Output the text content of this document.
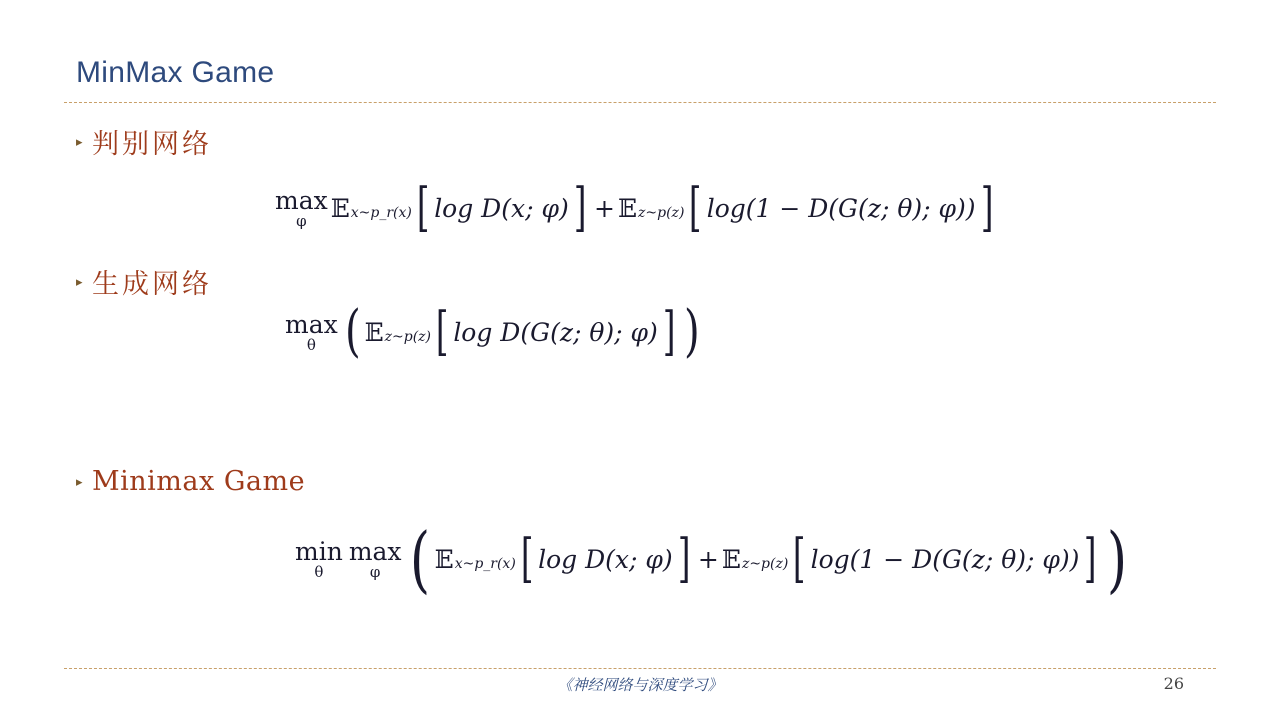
MinMax Game
▸ 判别网络
max
φ 𝔼 x~p_r(x) [ log D(x; φ) ] + 𝔼 z~p(z) [ log(1 − D(G(z; θ); φ)) ]
▸ 生成网络
max
θ ( 𝔼 z~p(z) [ log D(G(z; θ); φ) ] )
▸ Minimax Game
min
θ
max
φ ( 𝔼 x~p_r(x) [ log D(x; φ) ] + 𝔼 z~p(z) [ log(1 − D(G(z; θ); φ)) ] )
《神经网络与深度学习》	26
